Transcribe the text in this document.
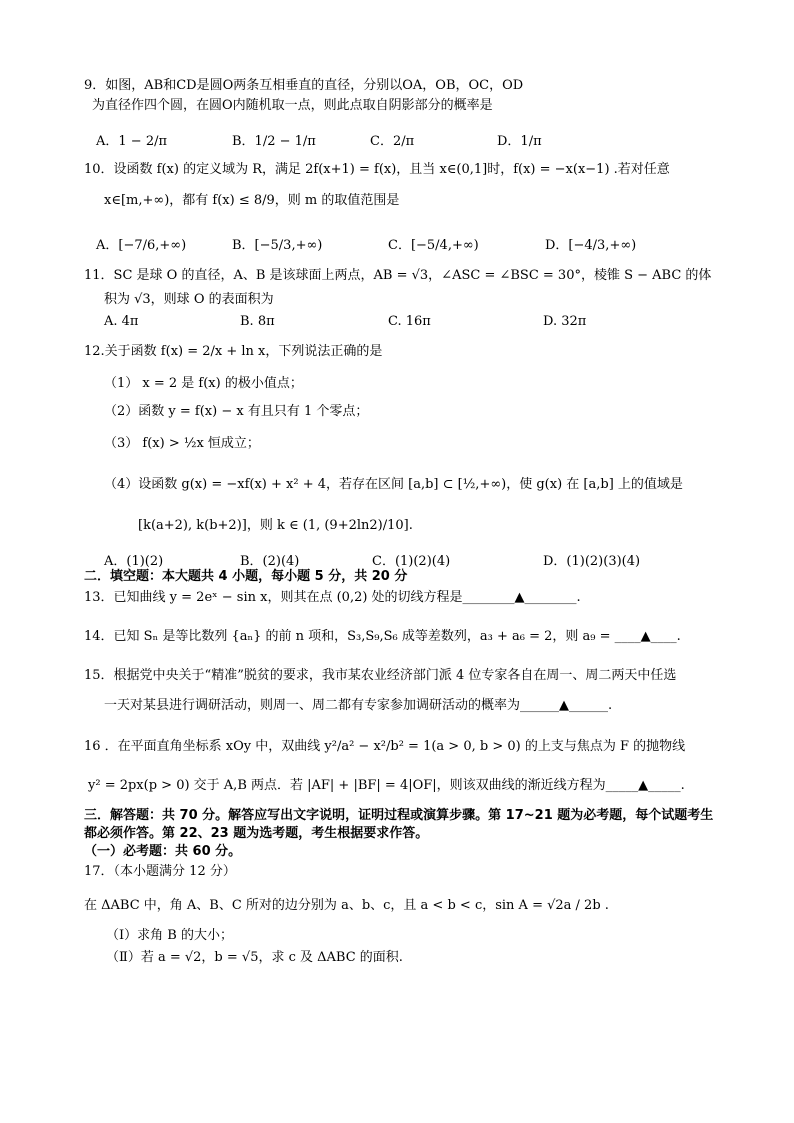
9．如图，AB和CD是圆O两条互相垂直的直径，分别以OA，OB，OC，OD
为直径作四个圆，在圆O内随机取一点，则此点取自阴影部分的概率是
A．1 − 2/π	B．1/2 − 1/π	C．2/π	D．1/π
10．设函数 f(x) 的定义域为 R，满足 2f(x+1) = f(x)，且当 x∈(0,1]时，f(x) = −x(x−1) .若对任意
x∈[m,+∞)，都有 f(x) ≤ 8/9，则 m 的取值范围是
A．[−7/6,+∞)	B．[−5/3,+∞)	C．[−5/4,+∞)	D．[−4/3,+∞)
11．SC 是球 O 的直径，A、B 是该球面上两点，AB = √3，∠ASC = ∠BSC = 30°，棱锥 S − ABC 的体
积为 √3，则球 O 的表面积为
A. 4π	B. 8π	C. 16π	D. 32π
12.关于函数 f(x) = 2/x + ln x，下列说法正确的是
（1） x = 2 是 f(x) 的极小值点；
（2）函数 y = f(x) − x 有且只有 1 个零点；
（3） f(x) > ½x 恒成立；
（4）设函数 g(x) = −xf(x) + x² + 4，若存在区间 [a,b] ⊂ [½,+∞)，使 g(x) 在 [a,b] 上的值域是
[k(a+2), k(b+2)]，则 k ∈ (1, (9+2ln2)/10].
A．(1)(2)	B．(2)(4)	C．(1)(2)(4)	D．(1)(2)(3)(4)
二．填空题：本大题共 4 小题，每小题 5 分，共 20 分
13．已知曲线 y = 2eˣ − sin x，则其在点 (0,2) 处的切线方程是________▲________.
14．已知 Sₙ 是等比数列 {aₙ} 的前 n 项和，S₃,S₉,S₆ 成等差数列，a₃ + a₆ = 2，则 a₉ = ____▲____.
15．根据党中央关于“精准”脱贫的要求，我市某农业经济部门派 4 位专家各自在周一、周二两天中任选
一天对某县进行调研活动，则周一、周二都有专家参加调研活动的概率为______▲______.
16 ．在平面直角坐标系 xOy 中，双曲线 y²/a² − x²/b² = 1(a > 0, b > 0) 的上支与焦点为 F 的抛物线
y² = 2px(p > 0) 交于 A,B 两点．若 |AF| + |BF| = 4|OF|，则该双曲线的渐近线方程为_____▲_____.
三．解答题：共 70 分。解答应写出文字说明，证明过程或演算步骤。第 17~21 题为必考题，每个试题考生
都必须作答。第 22、23 题为选考题，考生根据要求作答。
（一）必考题：共 60 分。
17．（本小题满分 12 分）
在 ΔABC 中，角 A、B、C 所对的边分别为 a、b、c，且 a < b < c，sin A = √2a / 2b .
（Ⅰ）求角 B 的大小；
（Ⅱ）若 a = √2，b = √5，求 c 及 ΔABC 的面积.
